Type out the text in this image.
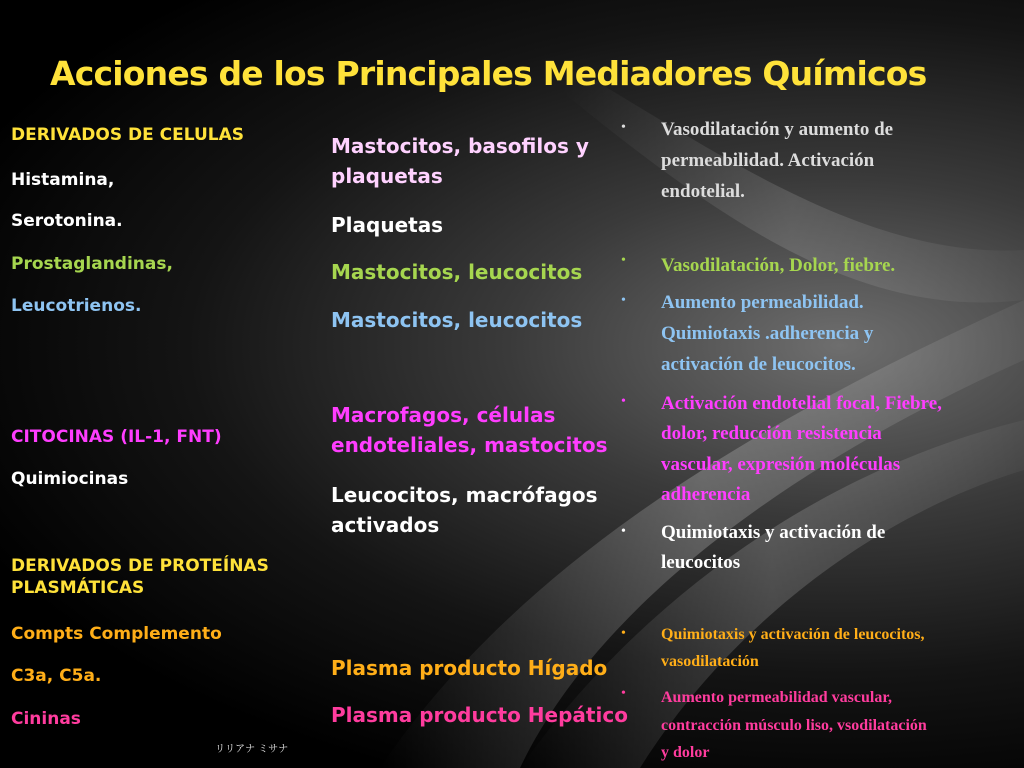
Acciones de los Principales Mediadores Químicos
DERIVADOS DE CELULAS
Histamina,
Serotonina.
Prostaglandinas,
Leucotrienos.
CITOCINAS (IL-1, FNT)
Quimiocinas
DERIVADOS DE PROTEÍNAS
PLASMÁTICAS
Compts Complemento
C3a, C5a.
Cininas
Mastocitos, basofilos y
plaquetas
Plaquetas
Mastocitos, leucocitos
Mastocitos, leucocitos
Macrofagos, células
endoteliales, mastocitos
Leucocitos, macrófagos
activados
Plasma producto Hígado
Plasma producto Hepático
• Vasodilatación y aumento de
permeabilidad. Activación
endotelial.
• Vasodilatación, Dolor, fiebre.
• Aumento permeabilidad.
Quimiotaxis .adherencia y
activación de leucocitos.
• Activación endotelial focal, Fiebre,
dolor, reducción resistencia
vascular, expresión moléculas
adherencia
• Quimiotaxis y activación de
leucocitos
• Quimiotaxis y activación de leucocitos,
vasodilatación
• Aumento permeabilidad vascular,
contracción músculo liso, vsodilatación
y dolor
リリアナ ミサナ
